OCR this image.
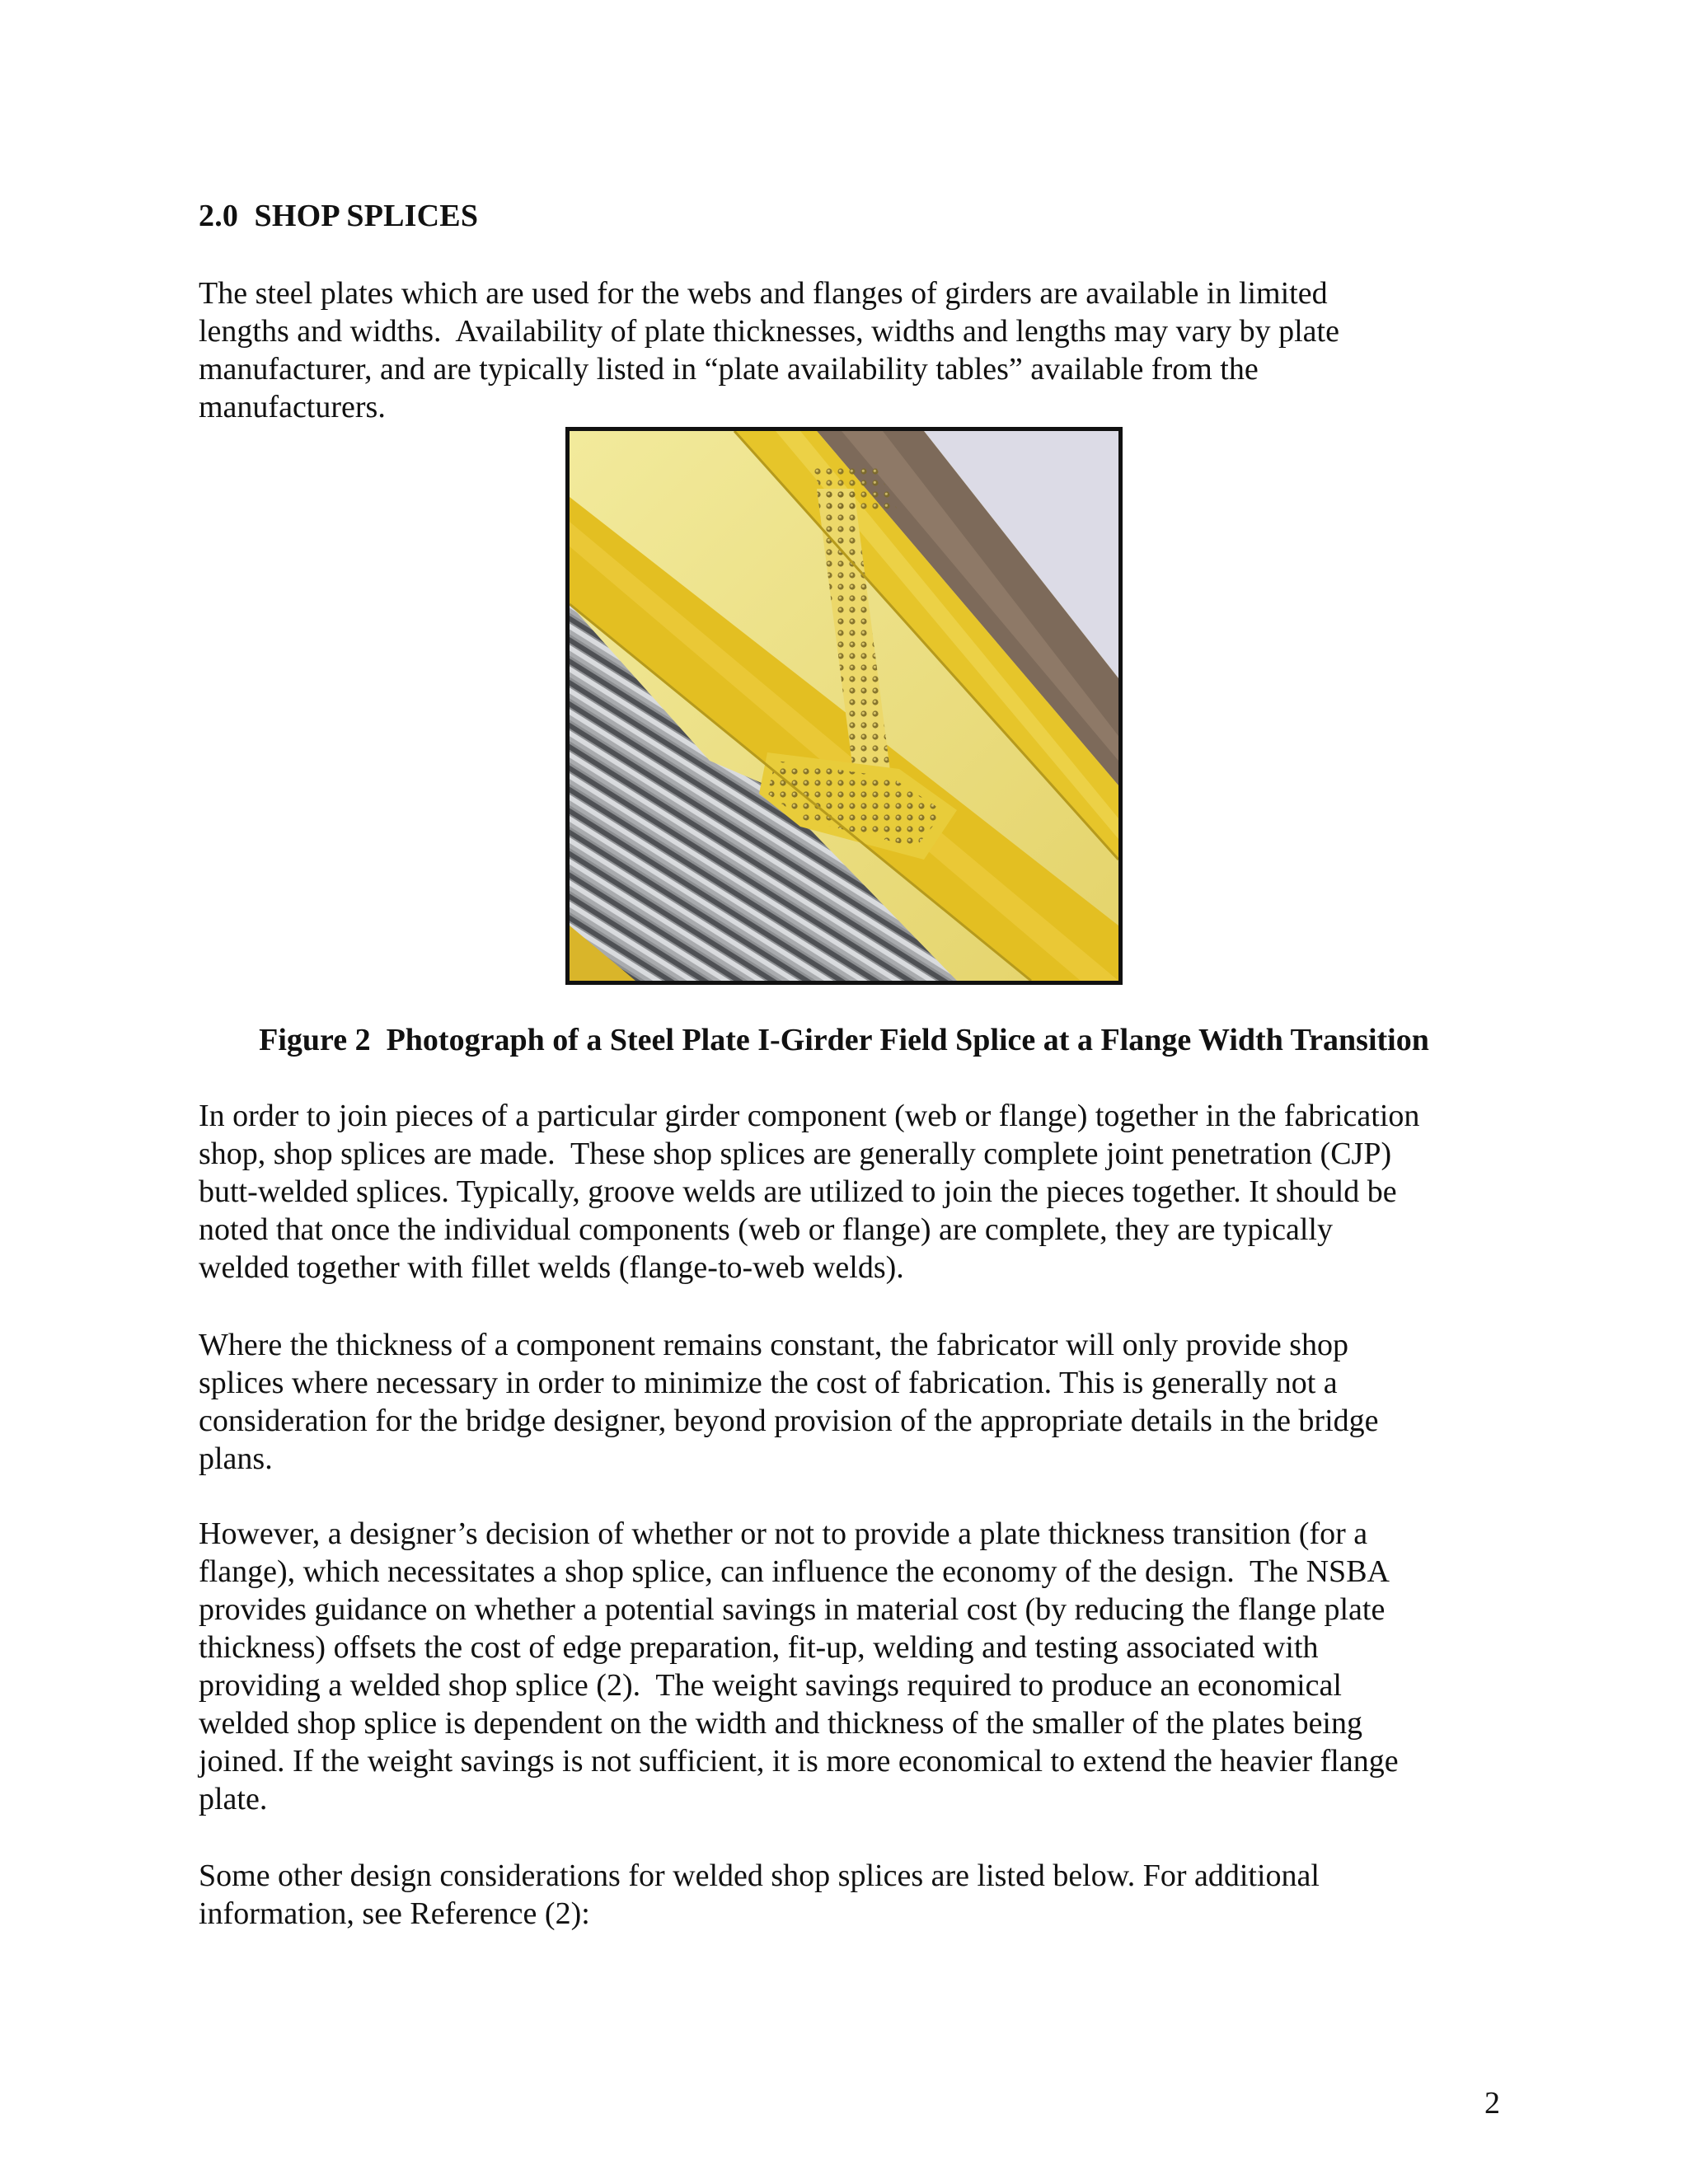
2.0  SHOP SPLICES

The steel plates which are used for the webs and flanges of girders are available in limited
lengths and widths.  Availability of plate thicknesses, widths and lengths may vary by plate
manufacturer, and are typically listed in “plate availability tables” available from the
manufacturers.

Figure 2  Photograph of a Steel Plate I-Girder Field Splice at a Flange Width Transition

In order to join pieces of a particular girder component (web or flange) together in the fabrication
shop, shop splices are made.  These shop splices are generally complete joint penetration (CJP)
butt-welded splices. Typically, groove welds are utilized to join the pieces together. It should be
noted that once the individual components (web or flange) are complete, they are typically
welded together with fillet welds (flange-to-web welds).

Where the thickness of a component remains constant, the fabricator will only provide shop
splices where necessary in order to minimize the cost of fabrication. This is generally not a
consideration for the bridge designer, beyond provision of the appropriate details in the bridge
plans.

However, a designer’s decision of whether or not to provide a plate thickness transition (for a
flange), which necessitates a shop splice, can influence the economy of the design.  The NSBA
provides guidance on whether a potential savings in material cost (by reducing the flange plate
thickness) offsets the cost of edge preparation, fit-up, welding and testing associated with
providing a welded shop splice (2).  The weight savings required to produce an economical
welded shop splice is dependent on the width and thickness of the smaller of the plates being
joined. If the weight savings is not sufficient, it is more economical to extend the heavier flange
plate.

Some other design considerations for welded shop splices are listed below. For additional
information, see Reference (2):

2
